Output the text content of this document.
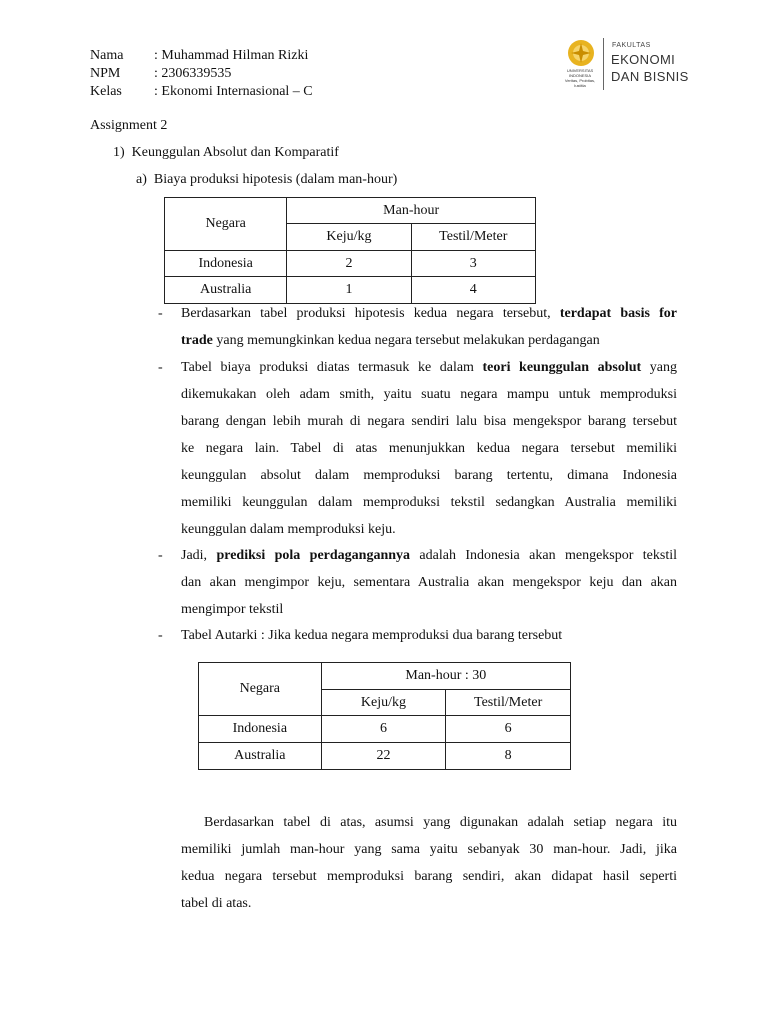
Nama : Muhammad Hilman Rizki
NPM : 2306339535
Kelas : Ekonomi Internasional – C
UNIVERSITAS
INDONESIA
Veritas, Probitas, Iustitia
FAKULTAS
EKONOMI
DAN BISNIS
Assignment 2
1)  Keunggulan Absolut dan Komparatif
a)  Biaya produksi hipotesis (dalam man-hour)
Negara	Man-hour	
	Keju/kg	Testil/Meter
Indonesia	2	3
Australia	1	4
- Berdasarkan tabel produksi hipotesis kedua negara tersebut, terdapat basis for
trade yang memungkinkan kedua negara tersebut melakukan perdagangan
- Tabel biaya produksi diatas termasuk ke dalam teori keunggulan absolut yang
dikemukakan oleh adam smith, yaitu suatu negara mampu untuk memproduksi
barang dengan lebih murah di negara sendiri lalu bisa mengekspor barang tersebut
ke negara lain. Tabel di atas menunjukkan kedua negara tersebut memiliki
keunggulan absolut dalam memproduksi barang tertentu, dimana Indonesia
memiliki keunggulan dalam memproduksi tekstil sedangkan Australia memiliki
keunggulan dalam memproduksi keju.
- Jadi, prediksi pola perdagangannya adalah Indonesia akan mengekspor tekstil
dan akan mengimpor keju, sementara Australia akan mengekspor keju dan akan
mengimpor tekstil
- Tabel Autarki : Jika kedua negara memproduksi dua barang tersebut
Negara	Man-hour : 30	
	Keju/kg	Testil/Meter
Indonesia	6	6
Australia	22	8
Berdasarkan tabel di atas, asumsi yang digunakan adalah setiap negara itu
memiliki jumlah man-hour yang sama yaitu sebanyak 30 man-hour. Jadi, jika
kedua negara tersebut memproduksi barang sendiri, akan didapat hasil seperti
tabel di atas.
